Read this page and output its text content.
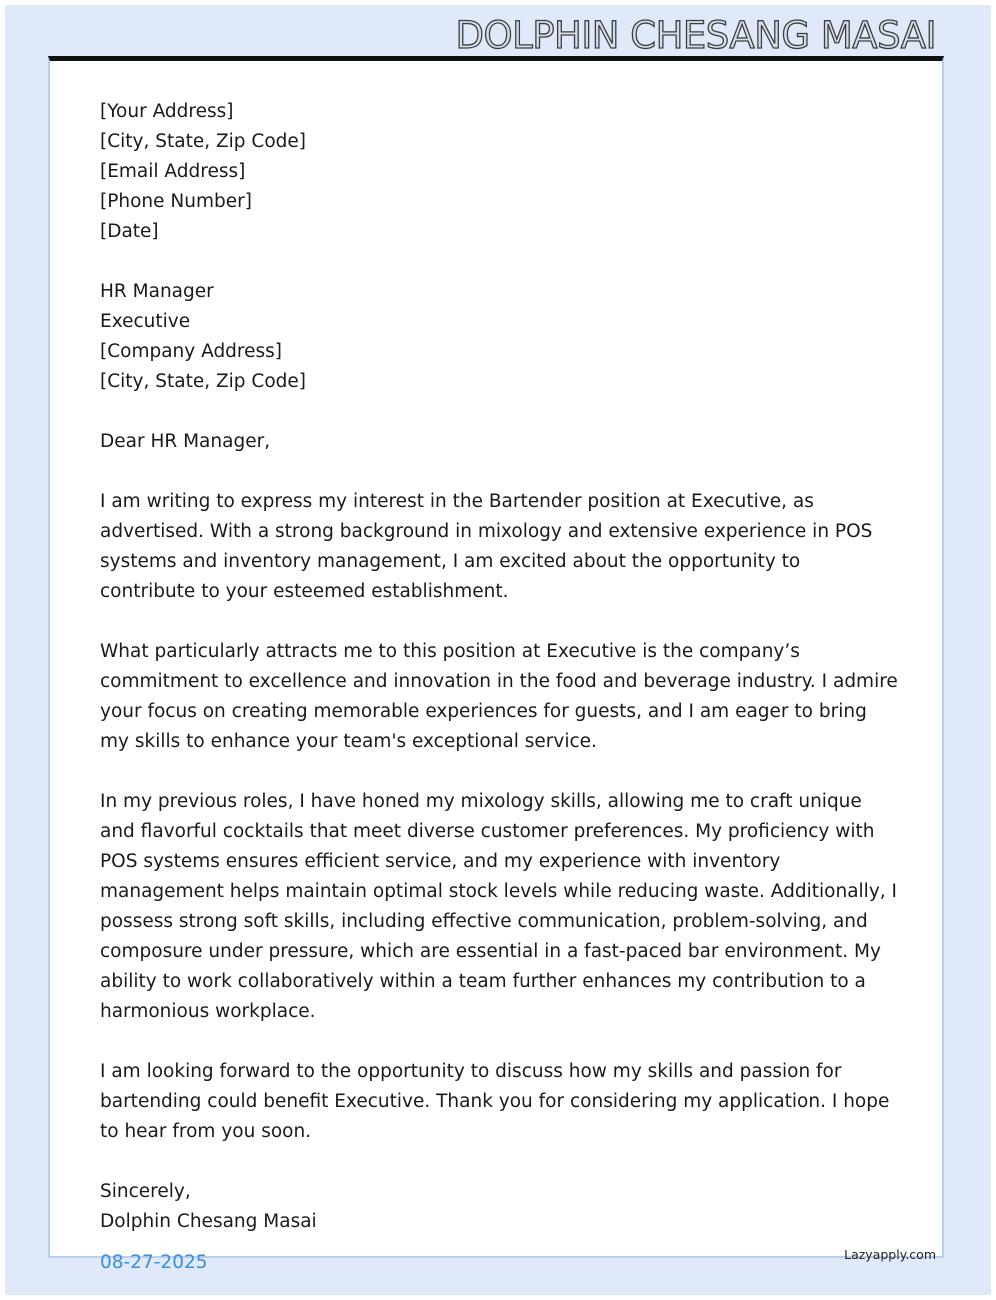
DOLPHIN CHESANG MASAI
[Your Address]
[City, State, Zip Code]
[Email Address]
[Phone Number]
[Date]
HR Manager
Executive
[Company Address]
[City, State, Zip Code]

Dear HR Manager,

I am writing to express my interest in the Bartender position at Executive, as advertised. With a strong background in mixology and extensive experience in POS systems and inventory management, I am excited about the opportunity to contribute to your esteemed establishment.

What particularly attracts me to this position at Executive is the company’s commitment to excellence and innovation in the food and beverage industry. I admire your focus on creating memorable experiences for guests, and I am eager to bring my skills to enhance your team's exceptional service.

In my previous roles, I have honed my mixology skills, allowing me to craft unique and flavorful cocktails that meet diverse customer preferences. My proficiency with POS systems ensures efficient service, and my experience with inventory management helps maintain optimal stock levels while reducing waste. Additionally, I possess strong soft skills, including effective communication, problem-solving, and composure under pressure, which are essential in a fast-paced bar environment. My ability to work collaboratively within a team further enhances my contribution to a harmonious workplace.

I am looking forward to the opportunity to discuss how my skills and passion for bartending could benefit Executive. Thank you for considering my application. I hope to hear from you soon.

Sincerely,
Dolphin Chesang Masai
08-27-2025	Lazyapply.com
